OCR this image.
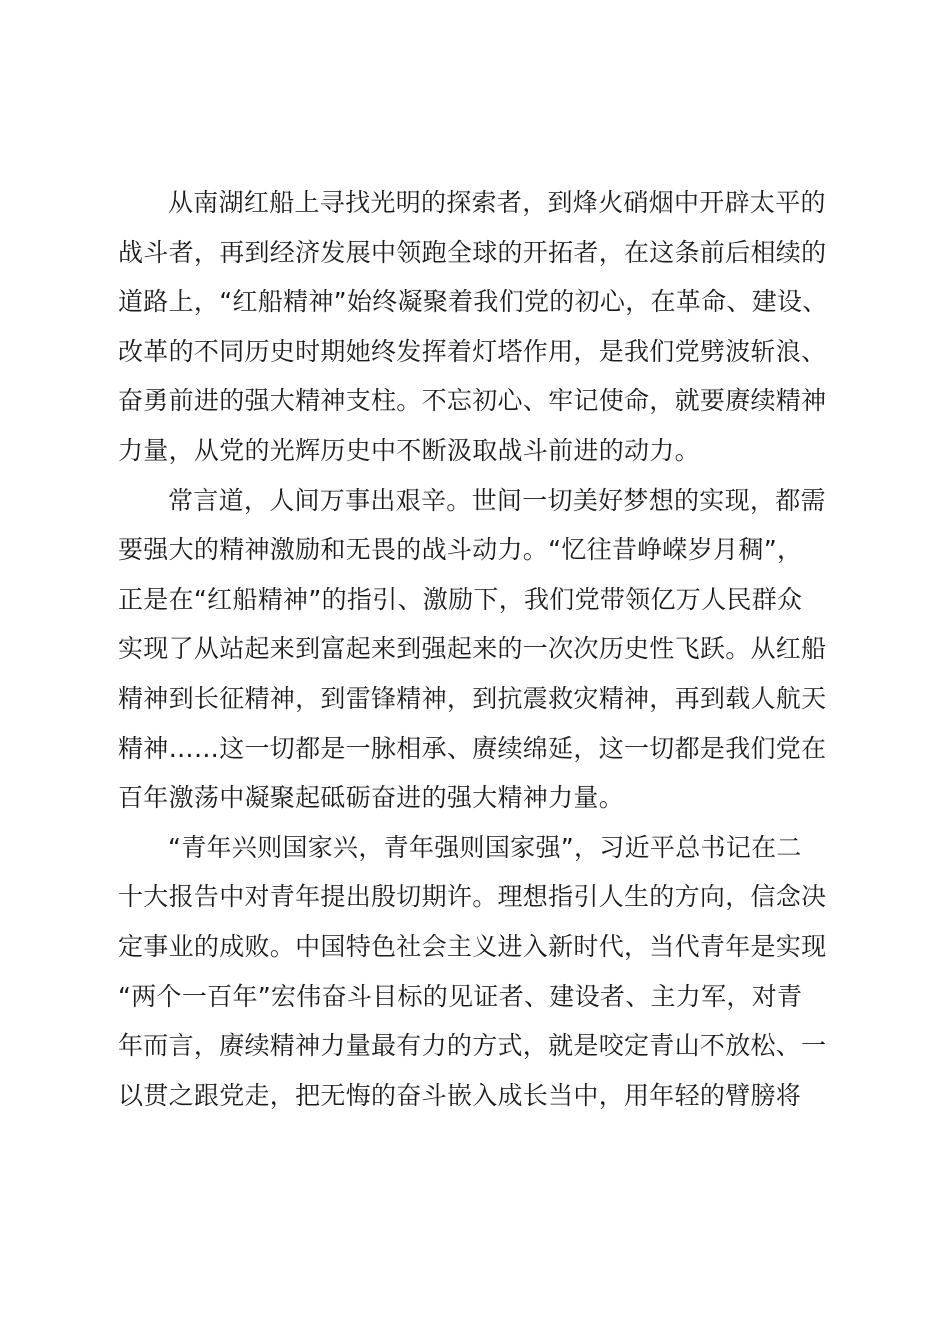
从南湖红船上寻找光明的探索者，到烽火硝烟中开辟太平的
战斗者，再到经济发展中领跑全球的开拓者，在这条前后相续的
道路上，“红船精神”始终凝聚着我们党的初心，在革命、建设、
改革的不同历史时期她终发挥着灯塔作用，是我们党劈波斩浪、
奋勇前进的强大精神支柱。不忘初心、牢记使命，就要赓续精神
力量，从党的光辉历史中不断汲取战斗前进的动力。
常言道，人间万事出艰辛。世间一切美好梦想的实现，都需
要强大的精神激励和无畏的战斗动力。“忆往昔峥嵘岁月稠”，
正是在“红船精神”的指引、激励下，我们党带领亿万人民群众
实现了从站起来到富起来到强起来的一次次历史性飞跃。从红船
精神到长征精神，到雷锋精神，到抗震救灾精神，再到载人航天
精神……这一切都是一脉相承、赓续绵延，这一切都是我们党在
百年激荡中凝聚起砥砺奋进的强大精神力量。
“青年兴则国家兴，青年强则国家强”，习近平总书记在二
十大报告中对青年提出殷切期许。理想指引人生的方向，信念决
定事业的成败。中国特色社会主义进入新时代，当代青年是实现
“两个一百年”宏伟奋斗目标的见证者、建设者、主力军，对青
年而言，赓续精神力量最有力的方式，就是咬定青山不放松、一
以贯之跟党走，把无悔的奋斗嵌入成长当中，用年轻的臂膀将
